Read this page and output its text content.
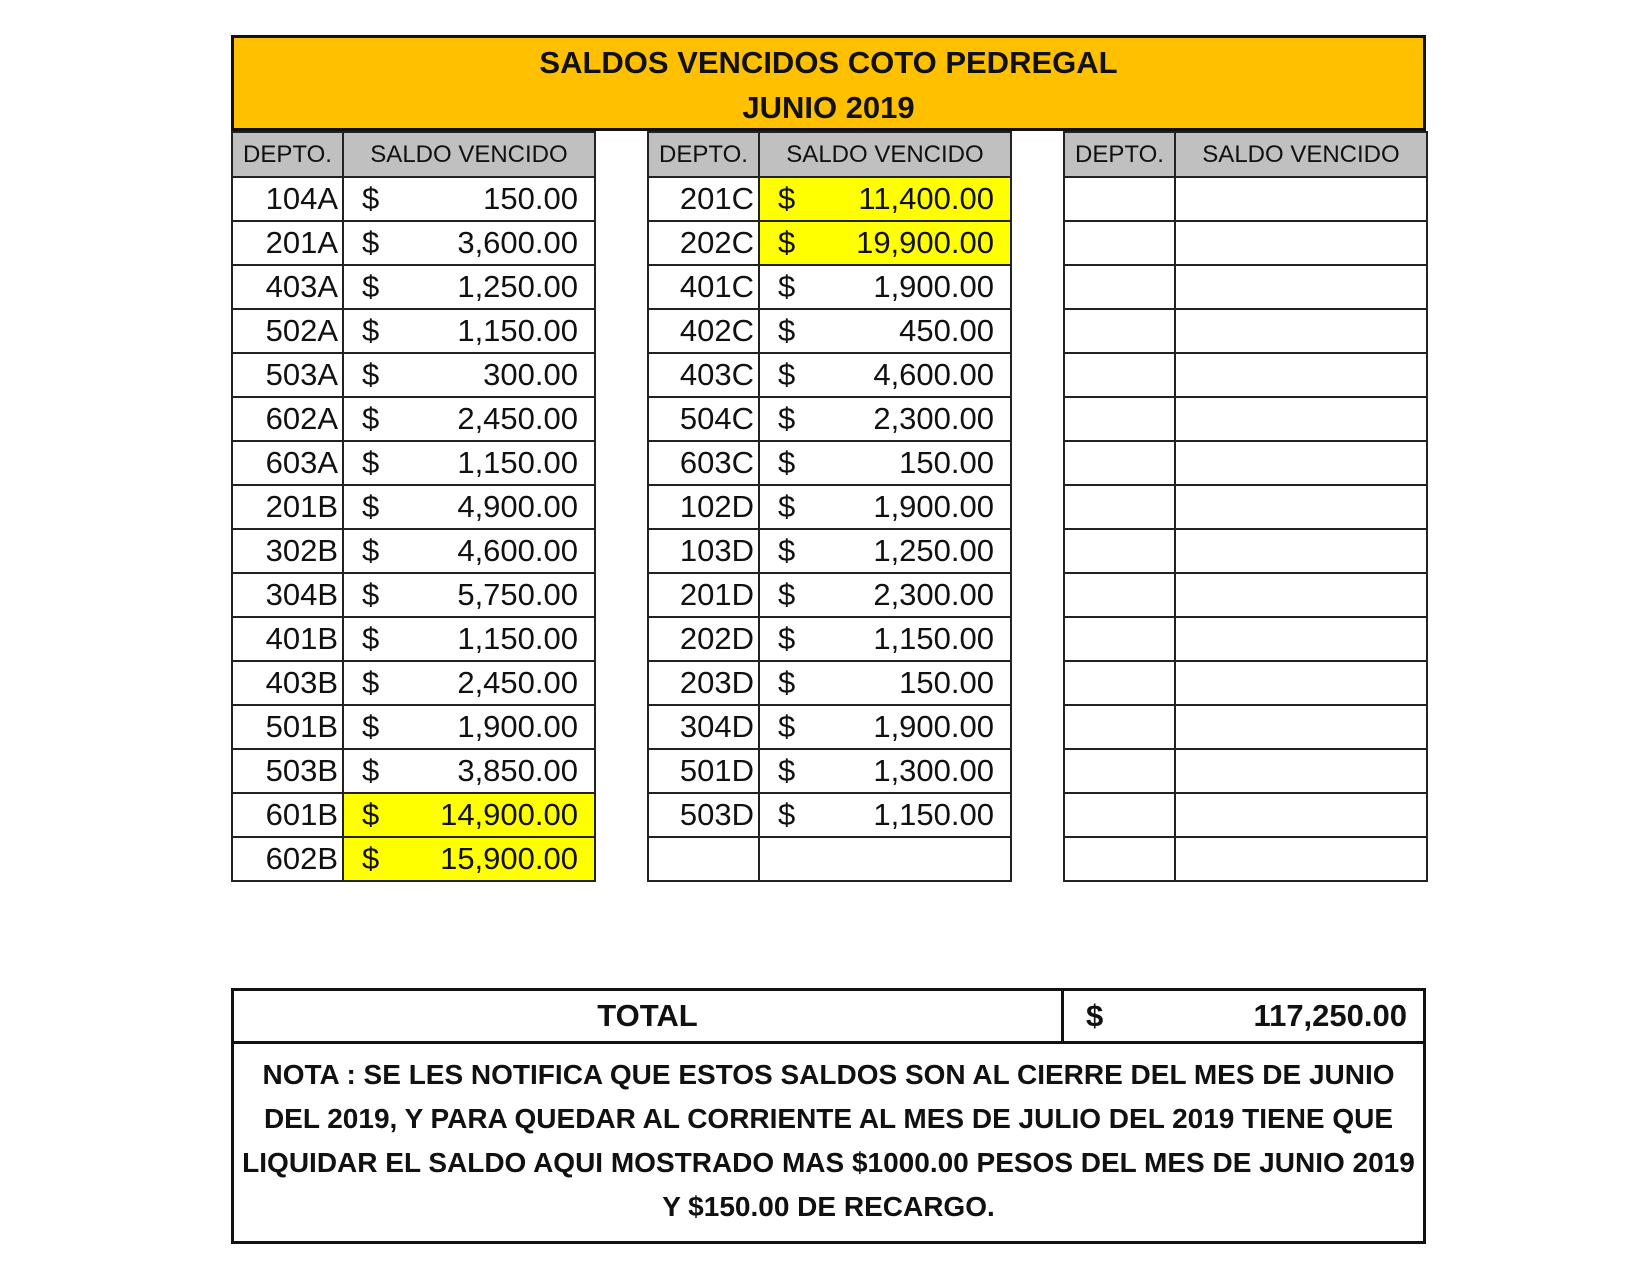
SALDOS VENCIDOS COTO PEDREGAL
JUNIO 2019
DEPTO.	SALDO VENCIDO
104A	$ 150.00

201A	$ 3,600.00

403A	$ 1,250.00

502A	$ 1,150.00

503A	$ 300.00

602A	$ 2,450.00

603A	$ 1,150.00

201B	$ 4,900.00

302B	$ 4,600.00

304B	$ 5,750.00

401B	$ 1,150.00

403B	$ 2,450.00

501B	$ 1,900.00

503B	$ 3,850.00

601B	$ 14,900.00

602B	$ 15,900.00
DEPTO.	SALDO VENCIDO
201C	$ 11,400.00

202C	$ 19,900.00

401C	$ 1,900.00

402C	$ 450.00

403C	$ 4,600.00

504C	$ 2,300.00

603C	$ 150.00

102D	$ 1,900.00

103D	$ 1,250.00

201D	$ 2,300.00

202D	$ 1,150.00

203D	$ 150.00

304D	$ 1,900.00

501D	$ 1,300.00

503D	$ 1,150.00

DEPTO.	SALDO VENCIDO

TOTAL	$	117,250.00
NOTA : SE LES NOTIFICA QUE ESTOS SALDOS SON AL CIERRE DEL MES DE JUNIO DEL 2019, Y PARA QUEDAR AL CORRIENTE AL MES DE JULIO DEL 2019 TIENE QUE LIQUIDAR EL SALDO AQUI MOSTRADO MAS $1000.00 PESOS DEL MES DE JUNIO 2019 Y $150.00 DE RECARGO.
